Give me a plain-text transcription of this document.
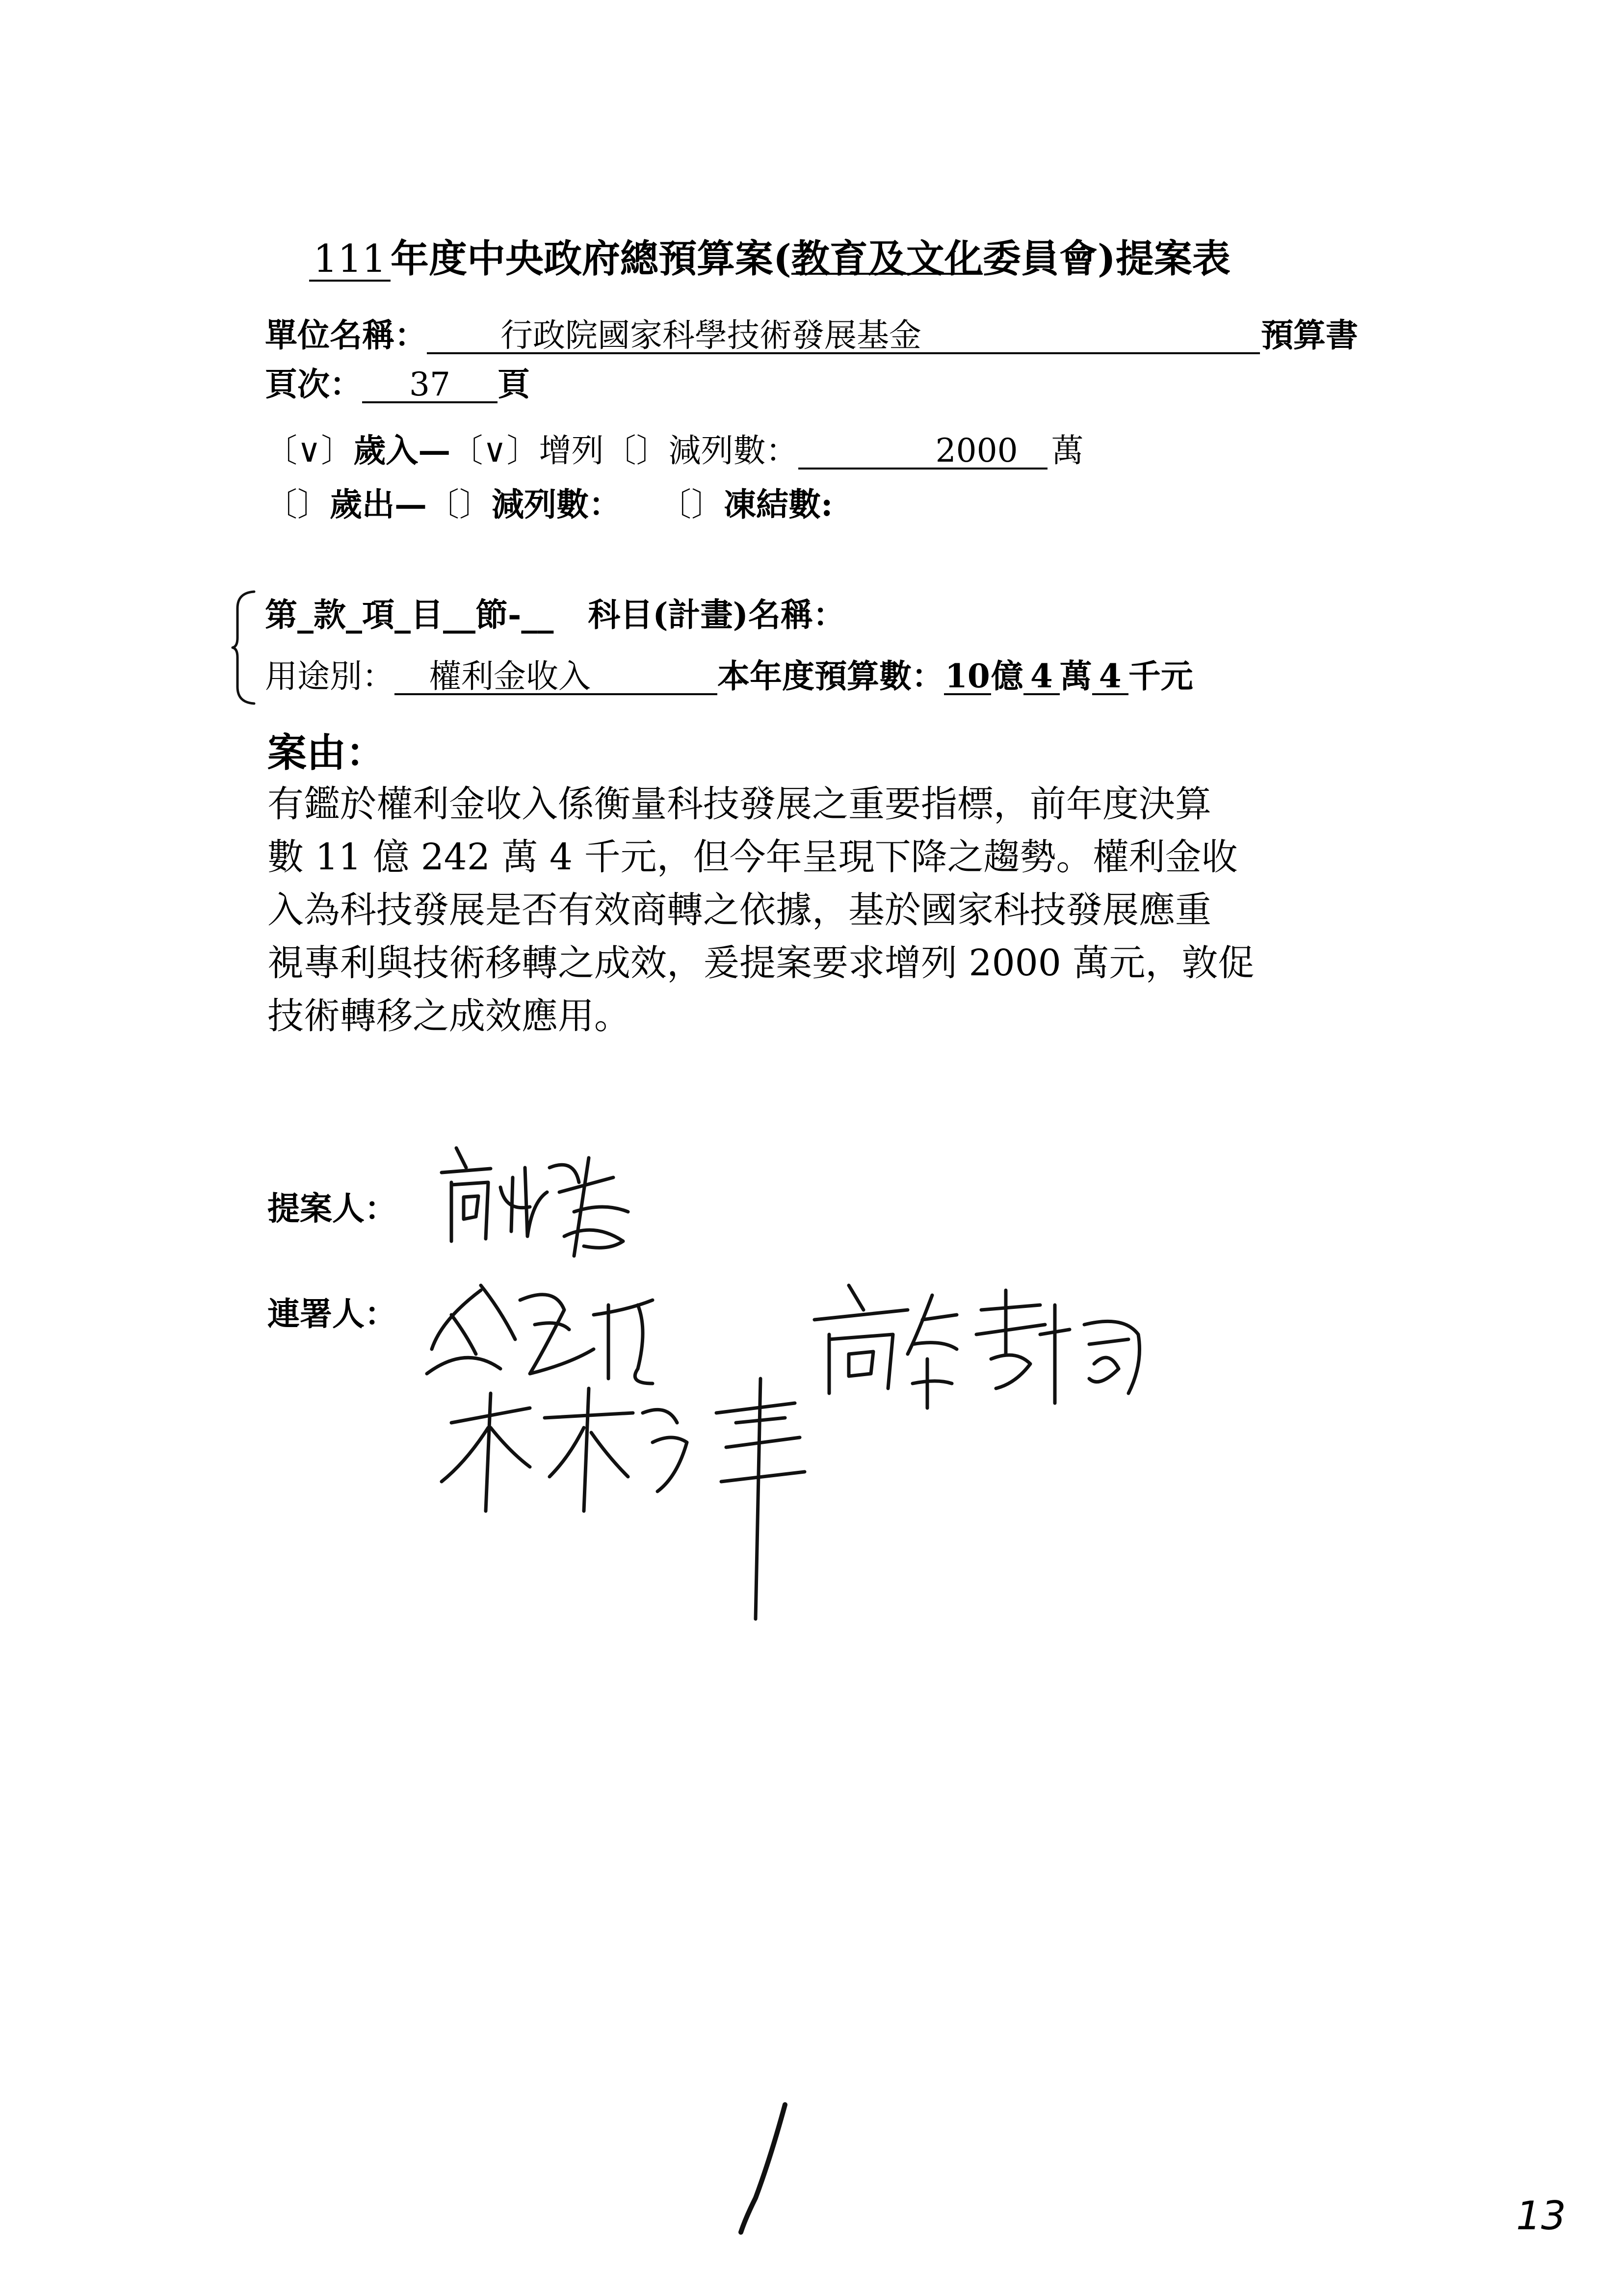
111 年度中央政府總預算案(教育及文化委員會)提案表
單位名稱： 行政院國家科學技術發展基金	預算書
頁次： 37 頁
〔∨〕歲入—〔∨〕增列〔〕減列數：	2000 萬
〔〕歲出—〔〕減列數： 〔〕凍結數:
第_款_項_目__節-__ 科目(計畫)名稱：
用途別： 權利金收入	本年度預算數：10億 4 萬 4 千元
案由：
有鑑於權利金收入係衡量科技發展之重要指標，前年度決算
數 11 億 242 萬 4 千元，但今年呈現下降之趨勢。權利金收
入為科技發展是否有效商轉之依據，基於國家科技發展應重
視專利與技術移轉之成效，爰提案要求增列 2000 萬元，敦促
技術轉移之成效應用。
提案人：
連署人：
13
